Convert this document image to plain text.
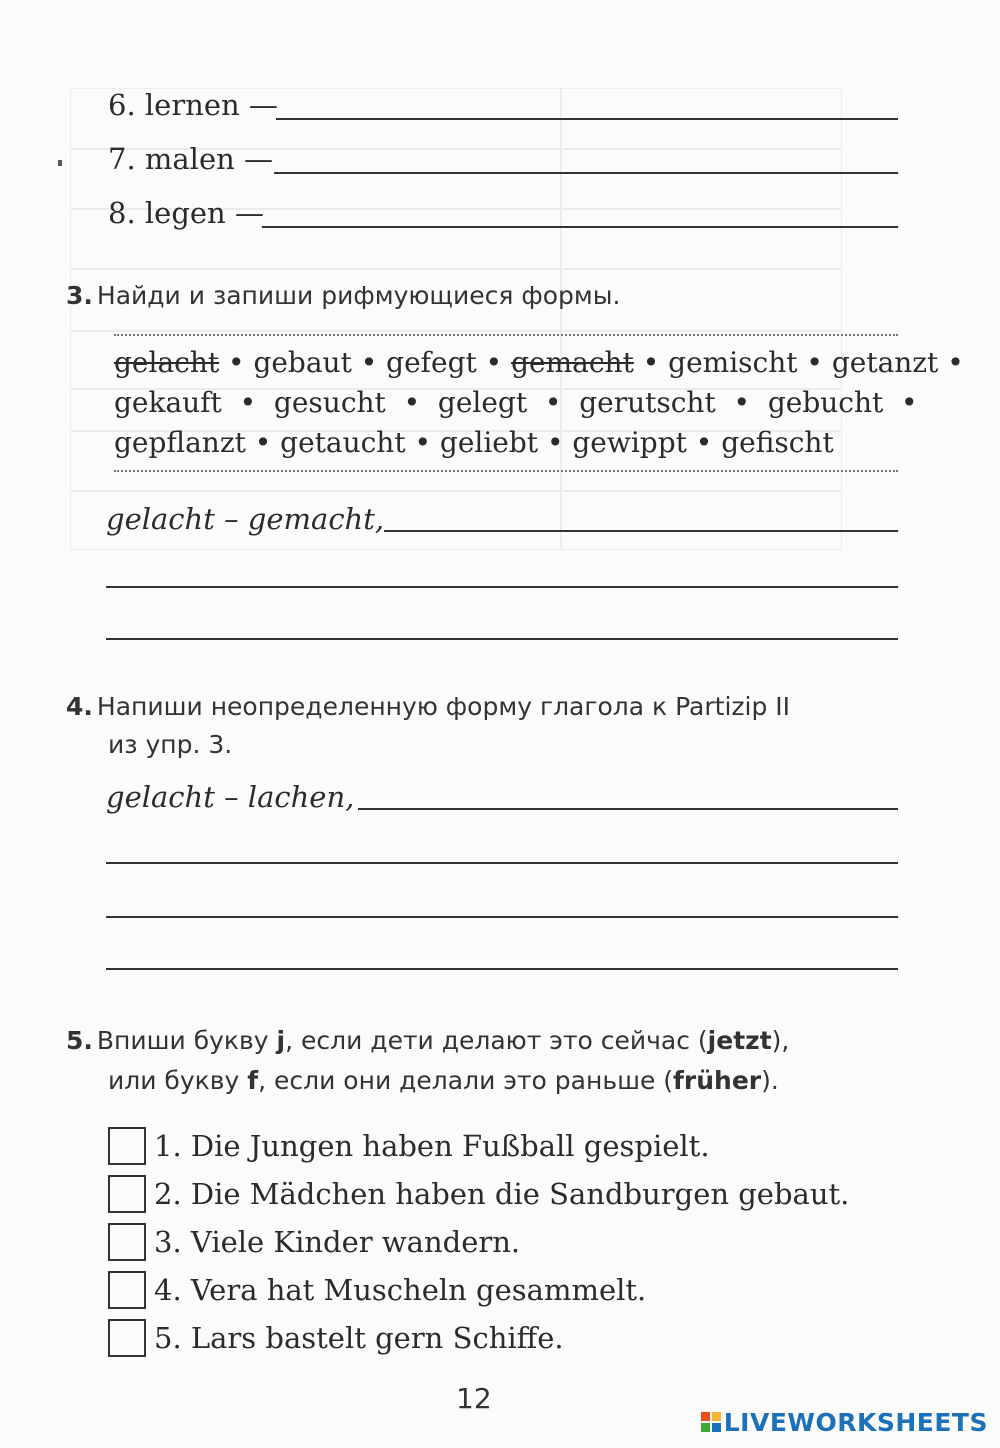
6. lernen —
7. malen —
8. legen —
3. Найди и запиши рифмующиеся формы.
gelacht • gebaut • gefegt • gemacht • gemischt • getanzt •
gekauft  •  gesucht  •  gelegt  •  gerutscht  •  gebucht  •
gepflanzt • getaucht • geliebt • gewippt • gefischt
gelacht – gemacht,
4. Напиши неопределенную форму глагола к Partizip II
из упр. 3.
gelacht – lachen,
5. Впиши букву j, если дети делают это сейчас (jetzt),
или букву f, если они делали это раньше (früher).
1. Die Jungen haben Fußball gespielt.
2. Die Mädchen haben die Sandburgen gebaut.
3. Viele Kinder wandern.
4. Vera hat Muscheln gesammelt.
5. Lars bastelt gern Schiffe.
12
LIVEWORKSHEETS
